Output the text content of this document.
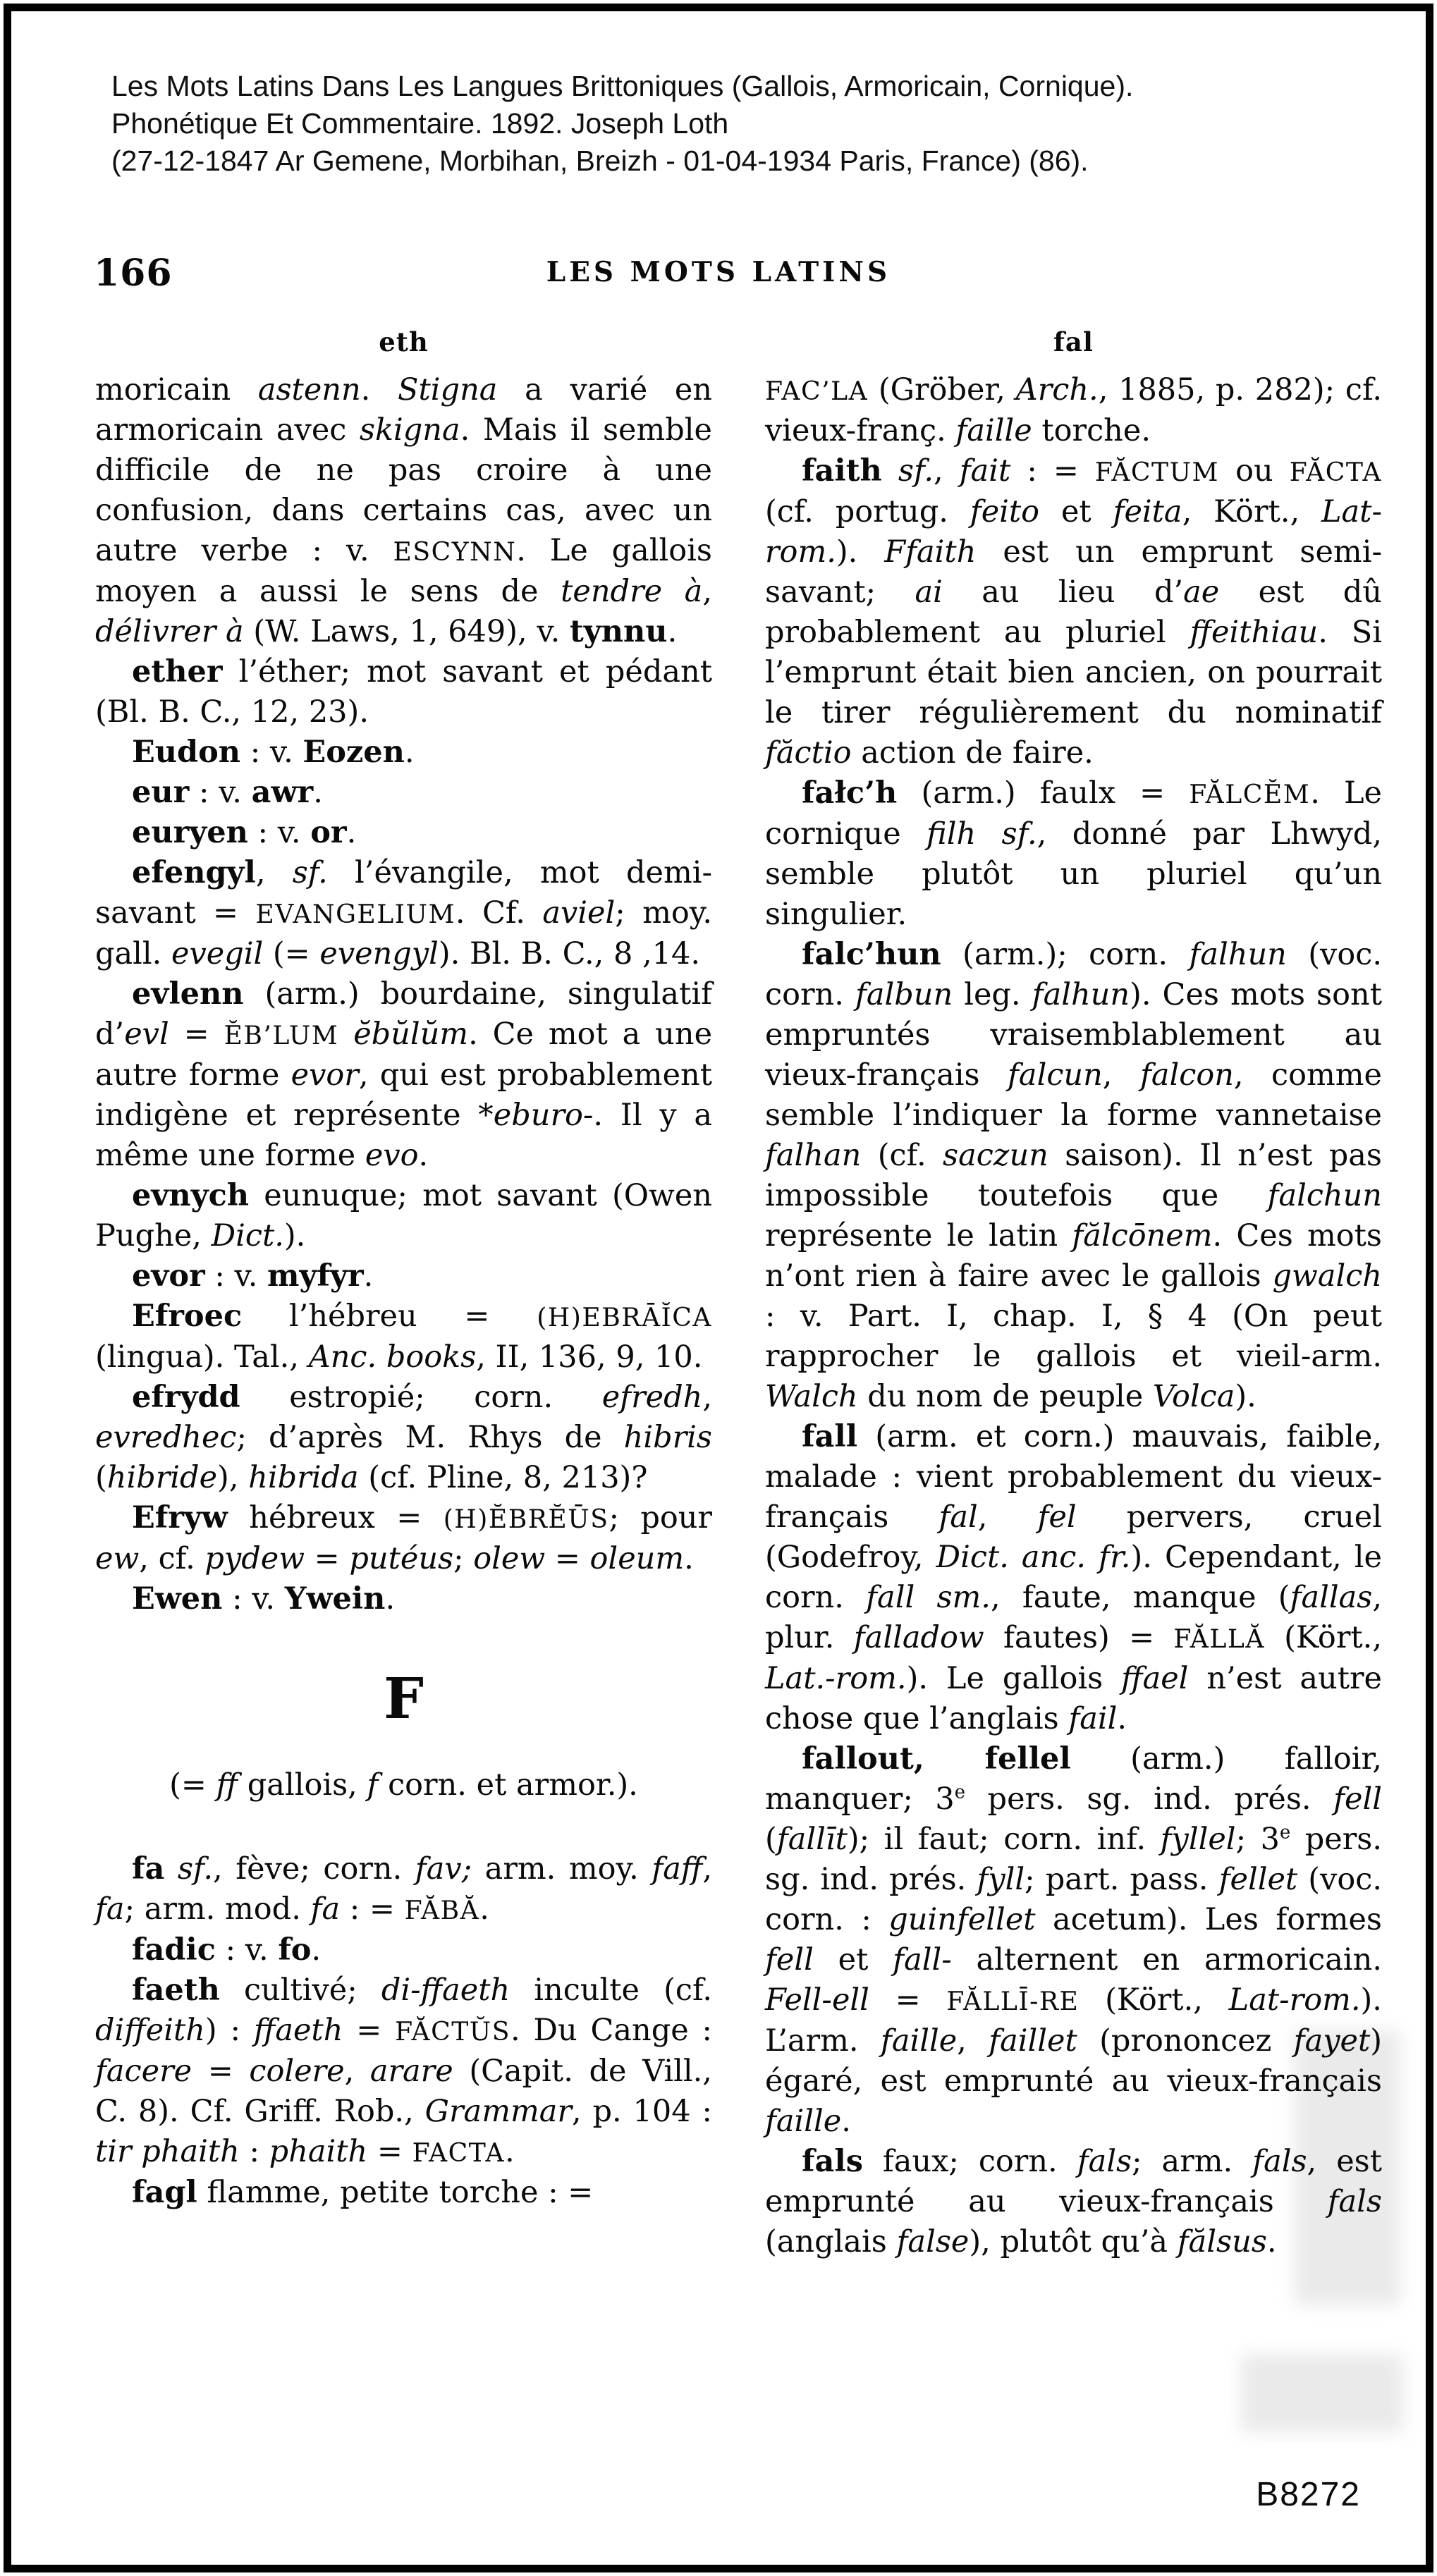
Les Mots Latins Dans Les Langues Brittoniques (Gallois, Armoricain, Cornique).
Phonétique Et Commentaire. 1892. Joseph Loth
(27-12-1847 Ar Gemene, Morbihan, Breizh - 01-04-1934 Paris, France) (86).
166	LES MOTS LATINS
eth	fal

moricain astenn. Stigna a varié en armoricain avec skigna. Mais il semble difficile de ne pas croire à une confusion, dans certains cas, avec un autre verbe : v. ESCYNN. Le gallois moyen a aussi le sens de tendre à, délivrer à (W. Laws, 1, 649), v. tynnu.

ether l’éther; mot savant et pédant (Bl. B. C., 12, 23).

Eudon : v. Eozen.

eur : v. awr.

euryen : v. or.

efengyl, sf. l’évangile, mot demi-savant = EVANGELIUM. Cf. aviel; moy. gall. evegil (= evengyl). Bl. B. C., 8 ,14.

evlenn (arm.) bourdaine, singulatif d’evl = ĔB’LUM ĕbŭlŭm. Ce mot a une autre forme evor, qui est probablement indigène et représente *eburo-. Il y a même une forme evo.

evnych eunuque; mot savant (Owen Pughe, Dict.).

evor : v. myfyr.

Efroec l’hébreu = (H)EBRĀĬCA (lingua). Tal., Anc. books, II, 136, 9, 10.

efrydd estropié; corn. efredh, evredhec; d’après M. Rhys de hibris (hibride), hibrida (cf. Pline, 8, 213)?

Efryw hébreux = (H)ĔBRĔŪS; pour ew, cf. pydew = putéus; olew = oleum.

Ewen : v. Ywein.

F
(= ff gallois, f corn. et armor.).

fa sf., fève; corn. fav; arm. moy. faff, fa; arm. mod. fa : = FĂBĂ.

fadic : v. fo.

faeth cultivé; di-ffaeth inculte (cf. diffeith) : ffaeth = FĂCTŬS. Du Cange : facere = colere, arare (Capit. de Vill., C. 8). Cf. Griff. Rob., Grammar, p. 104 : tir phaith : phaith = FACTA.

fagl flamme, petite torche : =

FAC’LA (Gröber, Arch., 1885, p. 282); cf. vieux-franç. faille torche.

faith sf., fait : = FĂCTUM ou FĂCTA (cf. portug. feito et feita, Kört., Lat-rom.). Ffaith est un emprunt semi-savant; ai au lieu d’ae est dû probablement au pluriel ffeithiau. Si l’emprunt était bien ancien, on pourrait le tirer régulièrement du nominatif făctio action de faire.

fałc’h (arm.) faulx = FĂLCĔM. Le cornique filh sf., donné par Lhwyd, semble plutôt un pluriel qu’un singulier.

falc’hun (arm.); corn. falhun (voc. corn. falbun leg. falhun). Ces mots sont empruntés vraisemblablement au vieux-français falcun, falcon, comme semble l’indiquer la forme vannetaise falhan (cf. saczun saison). Il n’est pas impossible toutefois que falchun représente le latin fălcōnem. Ces mots n’ont rien à faire avec le gallois gwalch : v. Part. I, chap. I, § 4 (On peut rapprocher le gallois et vieil-arm. Walch du nom de peuple Volca).

fall (arm. et corn.) mauvais, faible, malade : vient probablement du vieux-français fal, fel pervers, cruel (Godefroy, Dict. anc. fr.). Cependant, le corn. fall sm., faute, manque (fallas, plur. falladow fautes) = FĂLLĂ (Kört., Lat.-rom.). Le gallois ffael n’est autre chose que l’anglais fail.

fallout, fellel (arm.) falloir, manquer; 3e pers. sg. ind. prés. fell (fallīt); il faut; corn. inf. fyllel; 3e pers. sg. ind. prés. fyll; part. pass. fellet (voc. corn. : guinfellet acetum). Les formes fell et fall- alternent en armoricain. Fell-ell = FĂLLĪ-RE (Kört., Lat-rom.). L’arm. faille, faillet (prononcez fayet) égaré, est emprunté au vieux-français faille.

fals faux; corn. fals; arm. fals, est emprunté au vieux-français fals (anglais false), plutôt qu’à fălsus.

B8272
